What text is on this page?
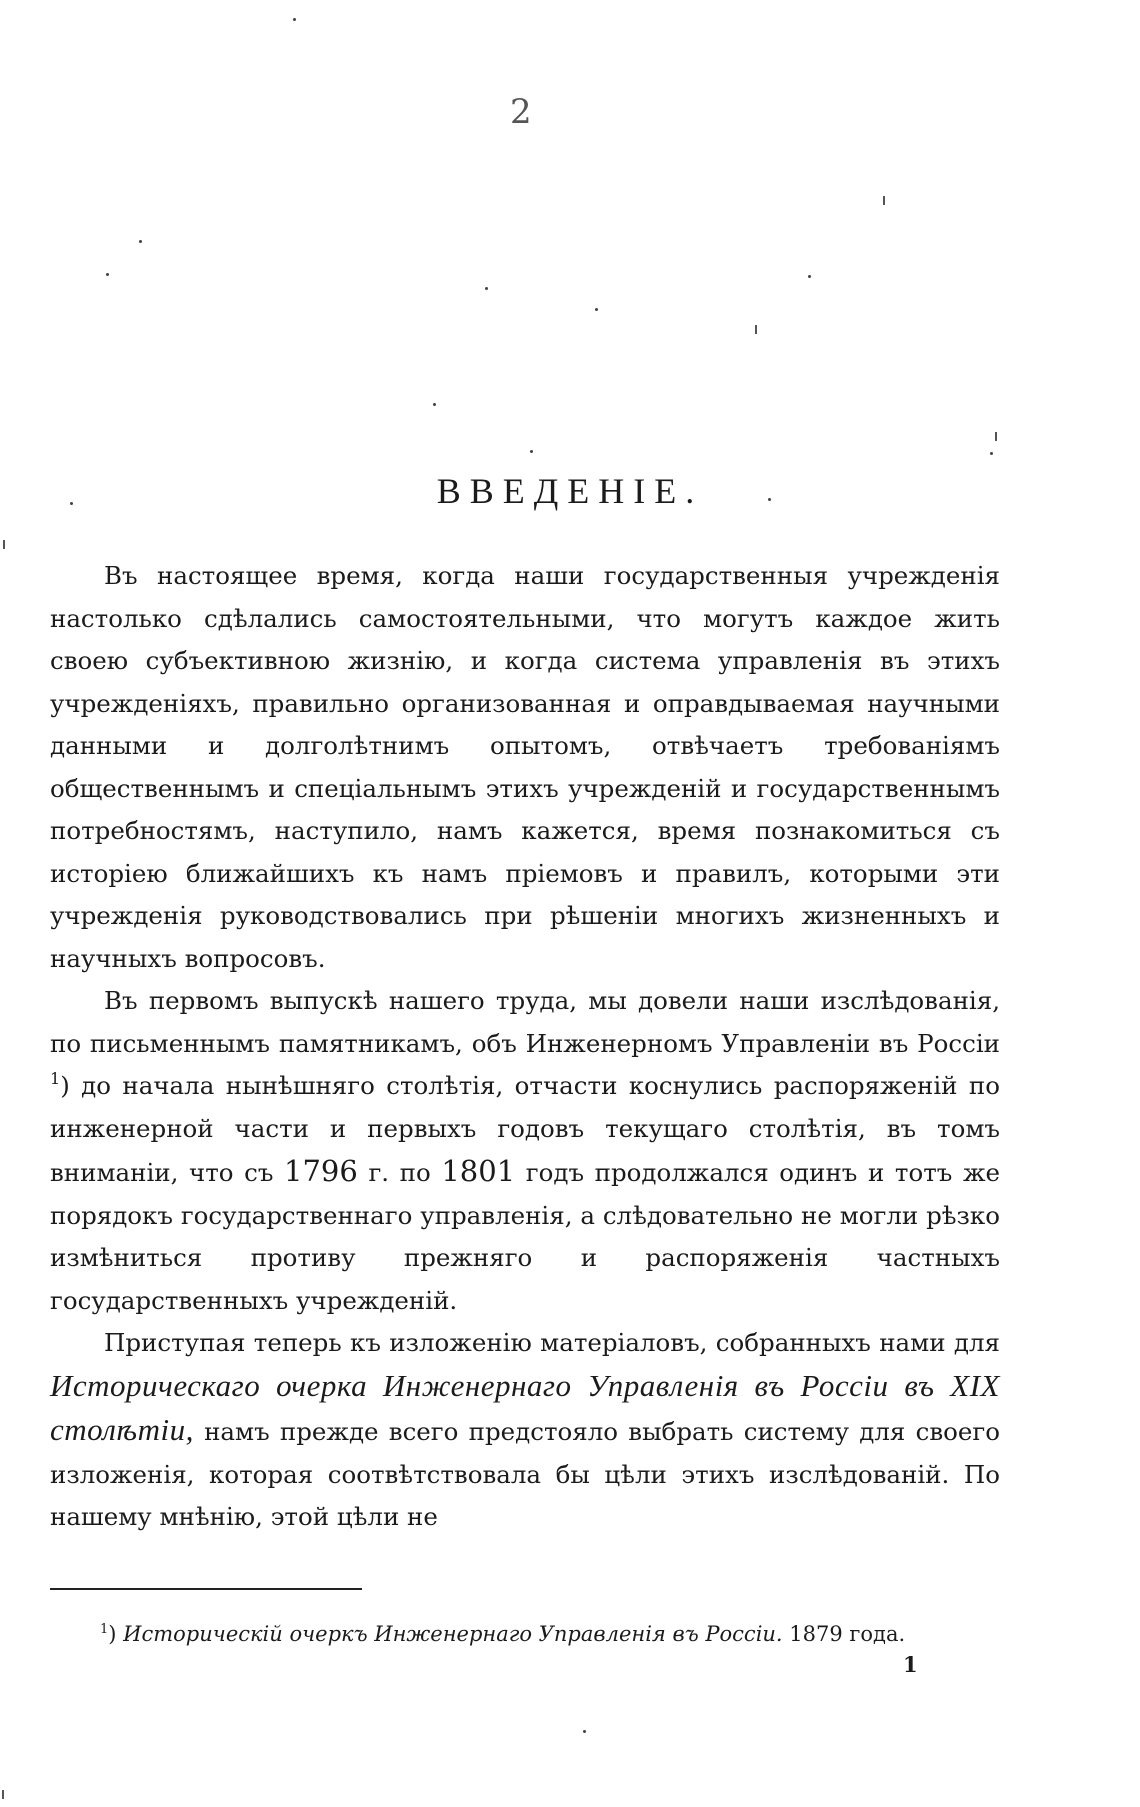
2
ВВЕДЕНІЕ.

Въ настоящее время, когда наши государственныя учрежденія настолько сдѣлались самостоятельными, что могутъ каждое жить своею субъективною жизнію, и когда система управленія въ этихъ учрежденіяхъ, правильно организованная и оправдываемая научными данными и долголѣтнимъ опытомъ, отвѣчаетъ требованіямъ общественнымъ и спеціальнымъ этихъ учрежденій и государственнымъ потребностямъ, наступило, намъ кажется, время познакомиться съ исторіею ближайшихъ къ намъ пріемовъ и правилъ, которыми эти учрежденія руководствовались при рѣшеніи многихъ жизненныхъ и научныхъ вопросовъ.

Въ первомъ выпускѣ нашего труда, мы довели наши изслѣдованія, по письменнымъ памятникамъ, объ Инженерномъ Управленіи въ Россіи $^1$) до начала нынѣшняго столѣтія, отчасти коснулись распоряженій по инженерной части и первыхъ годовъ текущаго столѣтія, въ томъ вниманіи, что съ 1796 г. по 1801 годъ продолжался одинъ и тотъ же порядокъ государственнаго управленія, а слѣдовательно не могли рѣзко измѣниться противу прежняго и распоряженія частныхъ государственныхъ учрежденій.

Приступая теперь къ изложенію матеріаловъ, собранныхъ нами для Историческаго очерка Инженернаго Управленія въ Россіи въ XIX столѣтіи, намъ прежде всего предстояло выбрать систему для своего изложенія, которая соотвѣтствовала бы цѣли этихъ изслѣдованій. По нашему мнѣнію, этой цѣли не

$^1$) Историческій очеркъ Инженернаго Управленія въ Россіи. 1879 года.
1
